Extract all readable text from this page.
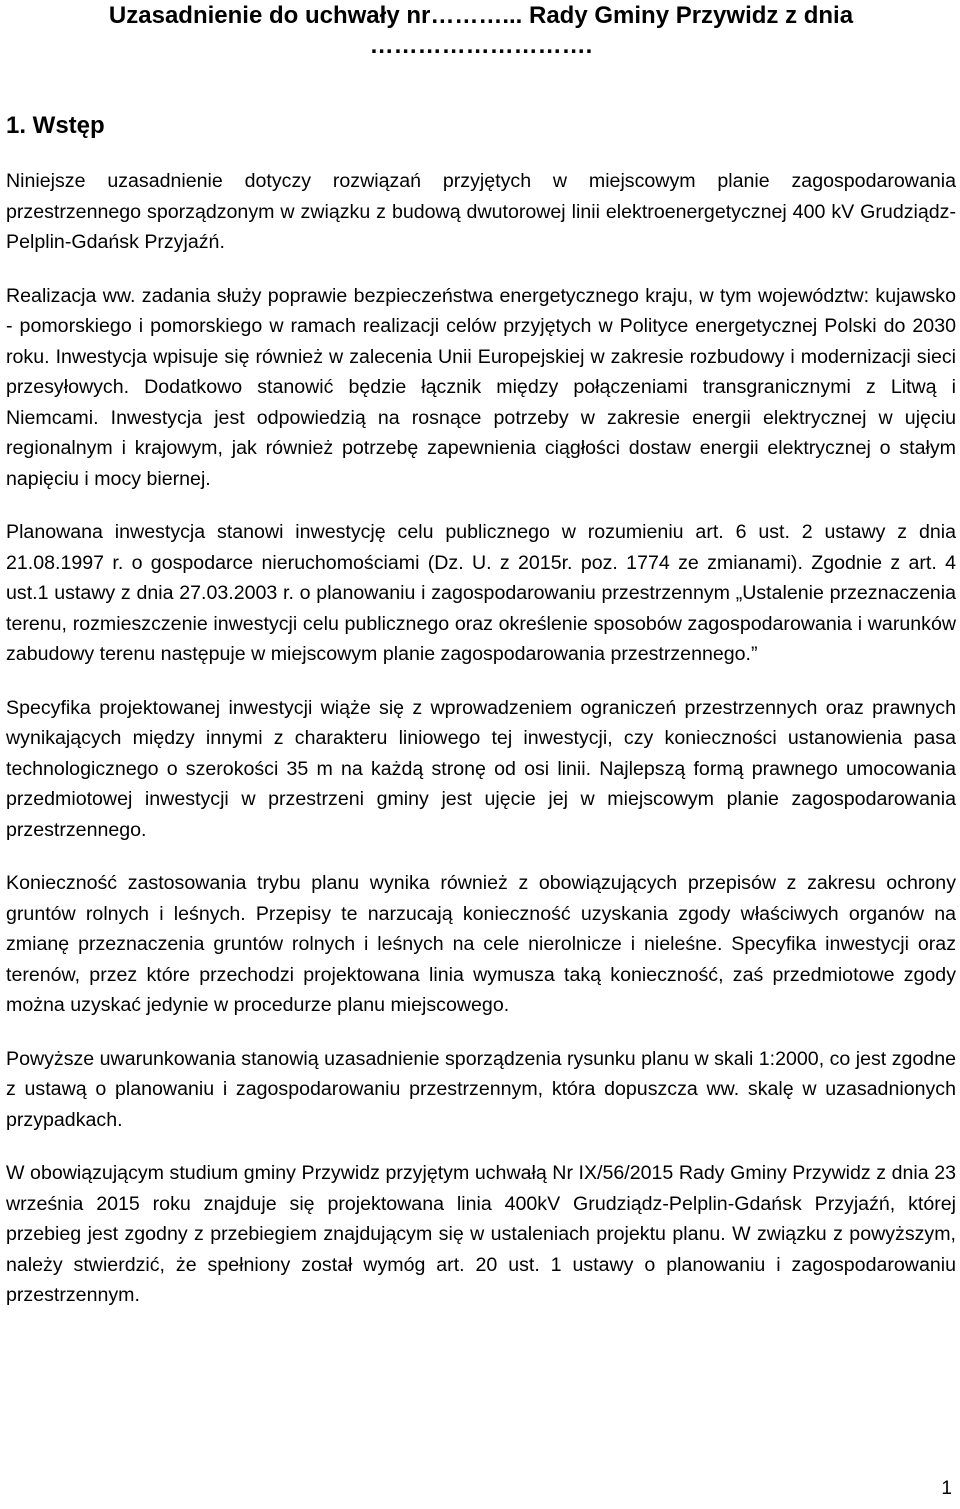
Uzasadnienie do uchwały nr………... Rady Gminy Przywidz z dnia
……………………….
1. Wstęp

Niniejsze uzasadnienie dotyczy rozwiązań przyjętych w miejscowym planie zagospodarowania przestrzennego sporządzonym w związku z budową dwutorowej linii elektroenergetycznej 400 kV Grudziądz-Pelplin-Gdańsk Przyjaźń.

Realizacja ww. zadania służy poprawie bezpieczeństwa energetycznego kraju, w tym województw: kujawsko - pomorskiego i pomorskiego w ramach realizacji celów przyjętych w Polityce energetycznej Polski do 2030 roku. Inwestycja wpisuje się również w zalecenia Unii Europejskiej w zakresie rozbudowy i modernizacji sieci przesyłowych. Dodatkowo stanowić będzie łącznik między połączeniami transgranicznymi z Litwą i Niemcami. Inwestycja jest odpowiedzią na rosnące potrzeby w zakresie energii elektrycznej w ujęciu regionalnym i krajowym, jak również potrzebę zapewnienia ciągłości dostaw energii elektrycznej o stałym napięciu i mocy biernej.

Planowana inwestycja stanowi inwestycję celu publicznego w rozumieniu art. 6 ust. 2 ustawy z dnia 21.08.1997 r. o gospodarce nieruchomościami (Dz. U. z 2015r. poz. 1774 ze zmianami). Zgodnie z art. 4 ust.1 ustawy z dnia 27.03.2003 r. o planowaniu i zagospodarowaniu przestrzennym „Ustalenie przeznaczenia terenu, rozmieszczenie inwestycji celu publicznego oraz określenie sposobów zagospodarowania i warunków zabudowy terenu następuje w miejscowym planie zagospodarowania przestrzennego.”

Specyfika projektowanej inwestycji wiąże się z wprowadzeniem ograniczeń przestrzennych oraz prawnych wynikających między innymi z charakteru liniowego tej inwestycji, czy konieczności ustanowienia pasa technologicznego o szerokości 35 m na każdą stronę od osi linii. Najlepszą formą prawnego umocowania przedmiotowej inwestycji w przestrzeni gminy jest ujęcie jej w miejscowym planie zagospodarowania przestrzennego.

Konieczność zastosowania trybu planu wynika również z obowiązujących przepisów z zakresu ochrony gruntów rolnych i leśnych. Przepisy te narzucają konieczność uzyskania zgody właściwych organów na zmianę przeznaczenia gruntów rolnych i leśnych na cele nierolnicze i nieleśne. Specyfika inwestycji oraz terenów, przez które przechodzi projektowana linia wymusza taką konieczność, zaś przedmiotowe zgody można uzyskać jedynie w procedurze planu miejscowego.

Powyższe uwarunkowania stanowią uzasadnienie sporządzenia rysunku planu w skali 1:2000, co jest zgodne z ustawą o planowaniu i zagospodarowaniu przestrzennym, która dopuszcza ww. skalę w uzasadnionych przypadkach.

W obowiązującym studium gminy Przywidz przyjętym uchwałą Nr IX/56/2015 Rady Gminy Przywidz z dnia 23 września 2015 roku znajduje się projektowana linia 400kV Grudziądz-Pelplin-Gdańsk Przyjaźń, której przebieg jest zgodny z przebiegiem znajdującym się w ustaleniach projektu planu. W związku z powyższym, należy stwierdzić, że spełniony został wymóg art. 20 ust. 1 ustawy o planowaniu i zagospodarowaniu przestrzennym.

1
